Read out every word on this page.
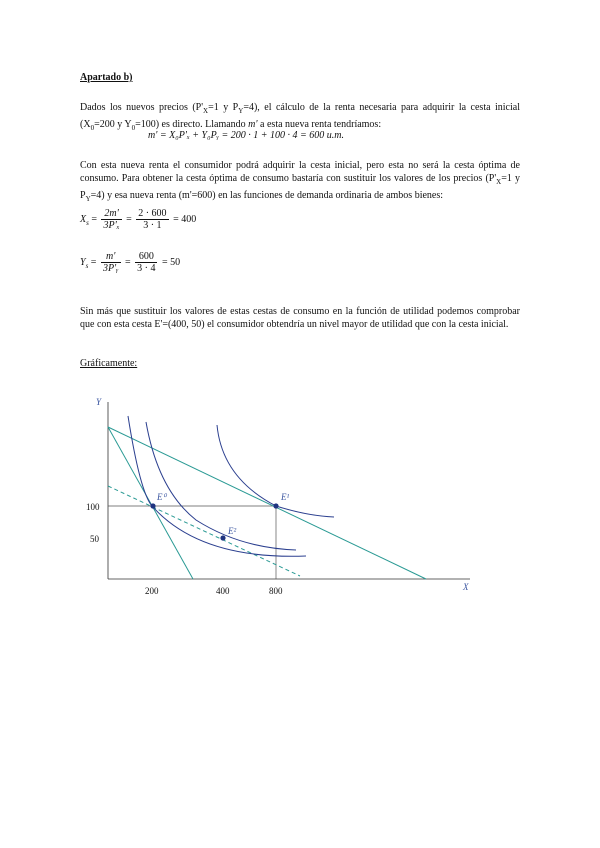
Apartado b)
Dados los nuevos precios ($P'_X=1$ y $P_Y=4$), el cálculo de la renta necesaria para adquirir la cesta inicial ($X_0=200$ y $Y_0=100$) es directo. Llamando m' a esta nueva renta tendríamos:
m' = X₀P'ₓ + Y₀Pᵧ = 200 · 1 + 100 · 4 = 600 u.m.
Con esta nueva renta el consumidor podrá adquirir la cesta inicial, pero esta no será la cesta óptima de consumo. Para obtener la cesta óptima de consumo bastaría con sustituir los valores de los precios ($P'_X=1$ y $P_Y=4$) y esa nueva renta (m'=600) en las funciones de demanda ordinaria de ambos bienes:
$X_s = \frac{2m'}{\text{3P'ₓ}} = \frac{2 \cdot 600}{3 \cdot 1} = 400$
$Y_s = \frac{m'}{\text{3P'ᵧ}} = \frac{600}{3 \cdot 4} = 50$
Sin más que sustituir los valores de estas cestas de consumo en la función de utilidad podemos comprobar que con esta cesta E'=(400, 50) el consumidor obtendría un nivel mayor de utilidad que con la cesta inicial.
Gráficamente:
Y
X
100
50
200	400	800
E⁰
E²
E¹
